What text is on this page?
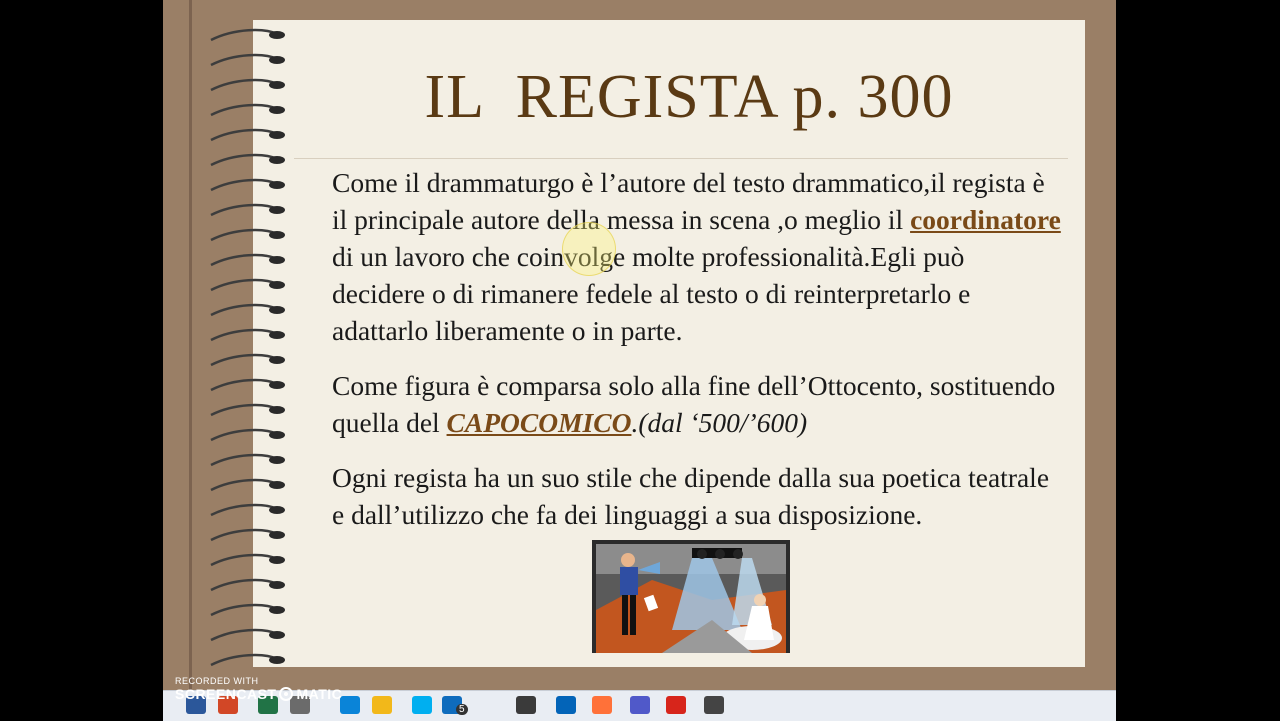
IL  REGISTA p. 300

Come il drammaturgo è l’autore del testo drammatico,il regista è il principale autore della messa in scena ,o meglio il coordinatore di un lavoro che coinvolge molte professionalità.Egli può decidere o di rimanere fedele al testo o di reinterpretarlo e adattarlo liberamente o in parte.

Come figura è comparsa solo alla fine dell’Ottocento, sostituendo quella del CAPOCOMICO.(dal ‘500/’600)

Ogni regista ha un suo stile che dipende dalla sua poetica teatrale e dall’utilizzo che fa dei linguaggi a sua disposizione.

5
RECORDED WITH
SCREENCAST MATIC
